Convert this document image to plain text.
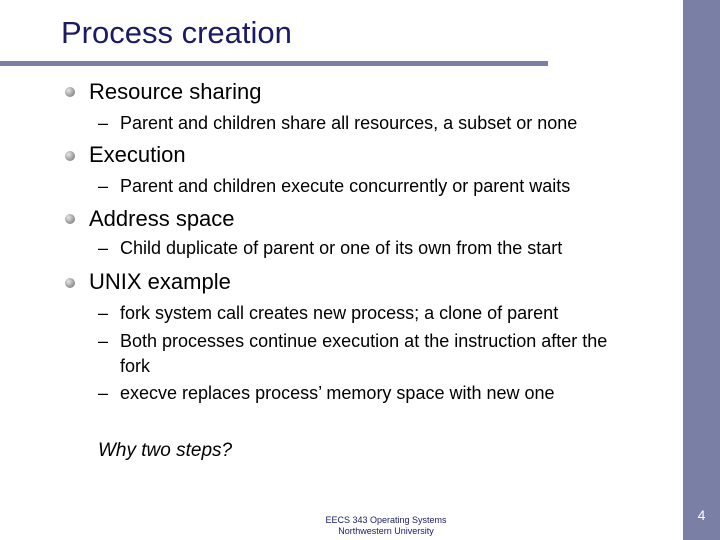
Process creation
Resource sharing
– Parent and children share all resources, a subset or none
Execution
– Parent and children execute concurrently or parent waits
Address space
– Child duplicate of parent or one of its own from the start
UNIX example
– fork system call creates new process; a clone of parent
– Both processes continue execution at the instruction after the
fork
– execve replaces process’ memory space with new one
Why two steps?
EECS 343 Operating Systems
Northwestern University
4
